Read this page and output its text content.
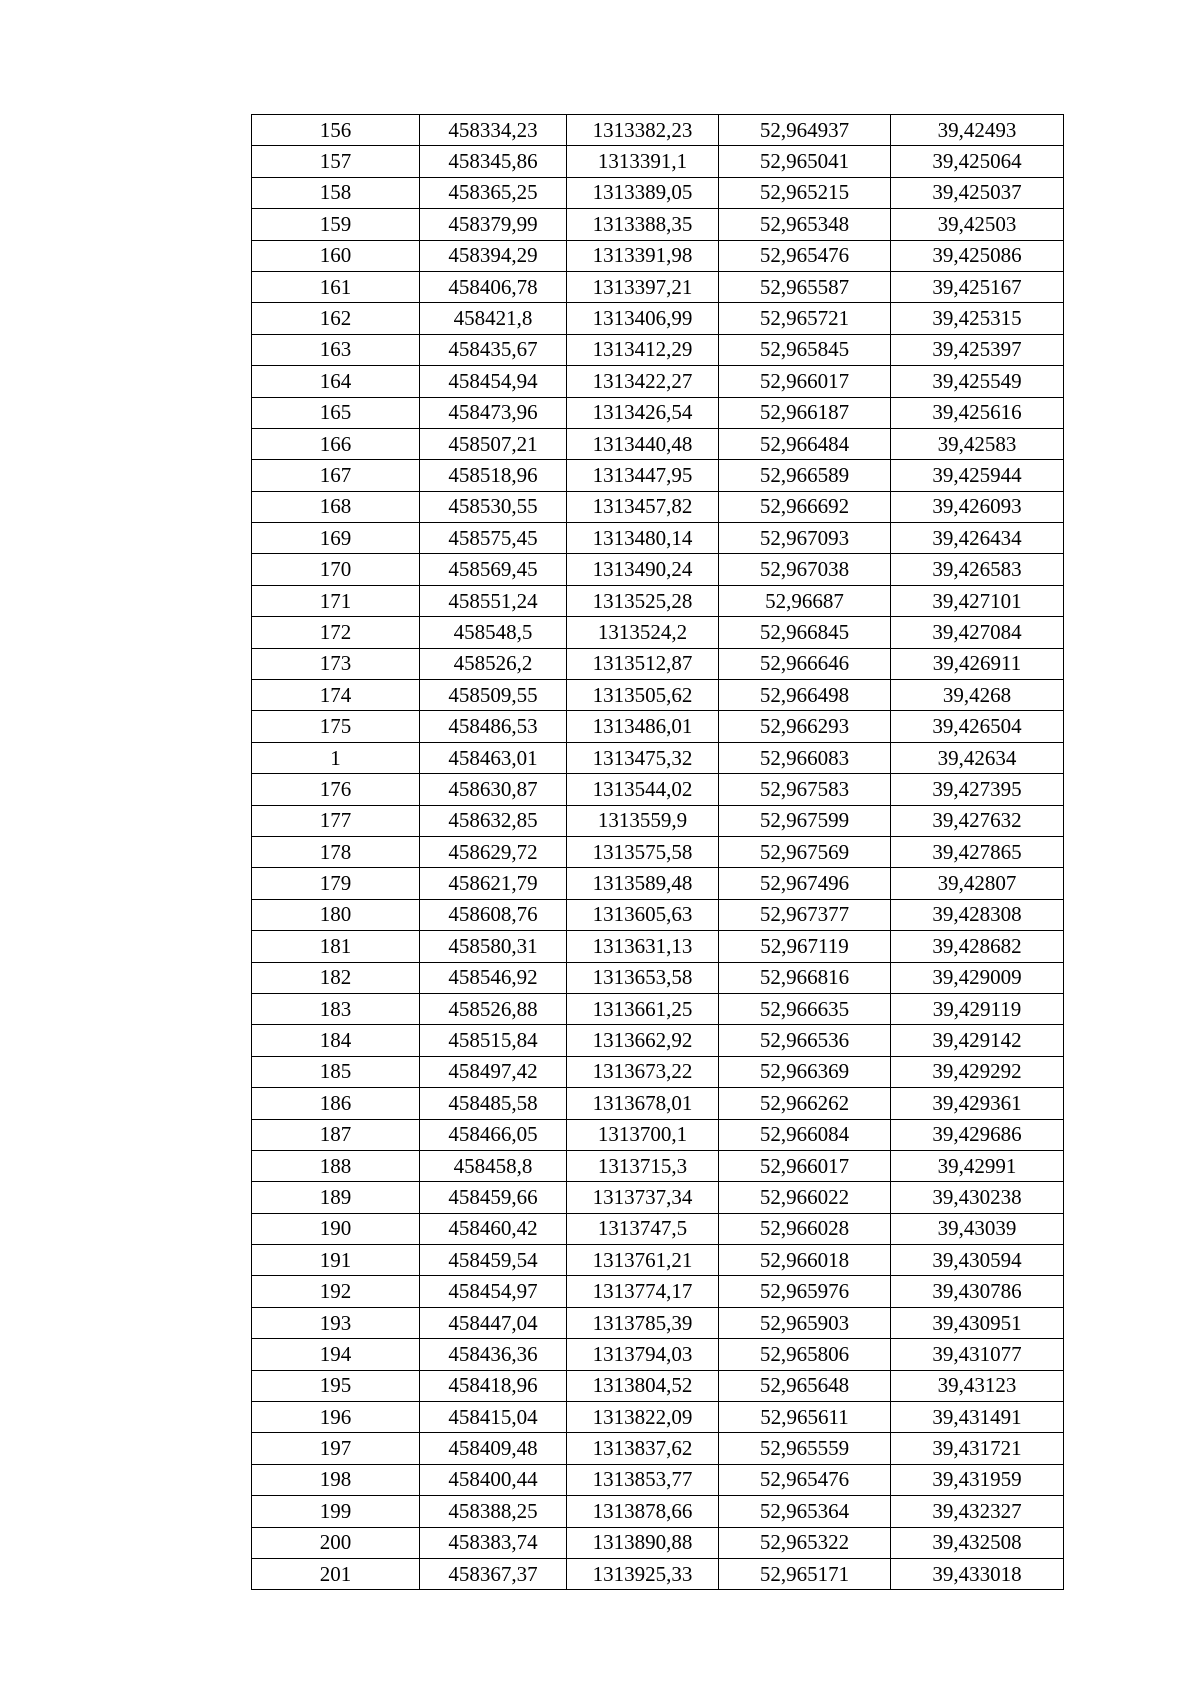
156	458334,23	1313382,23	52,964937	39,42493
157	458345,86	1313391,1	52,965041	39,425064
158	458365,25	1313389,05	52,965215	39,425037
159	458379,99	1313388,35	52,965348	39,42503
160	458394,29	1313391,98	52,965476	39,425086
161	458406,78	1313397,21	52,965587	39,425167
162	458421,8	1313406,99	52,965721	39,425315
163	458435,67	1313412,29	52,965845	39,425397
164	458454,94	1313422,27	52,966017	39,425549
165	458473,96	1313426,54	52,966187	39,425616
166	458507,21	1313440,48	52,966484	39,42583
167	458518,96	1313447,95	52,966589	39,425944
168	458530,55	1313457,82	52,966692	39,426093
169	458575,45	1313480,14	52,967093	39,426434
170	458569,45	1313490,24	52,967038	39,426583
171	458551,24	1313525,28	52,96687	39,427101
172	458548,5	1313524,2	52,966845	39,427084
173	458526,2	1313512,87	52,966646	39,426911
174	458509,55	1313505,62	52,966498	39,4268
175	458486,53	1313486,01	52,966293	39,426504
1	458463,01	1313475,32	52,966083	39,42634
176	458630,87	1313544,02	52,967583	39,427395
177	458632,85	1313559,9	52,967599	39,427632
178	458629,72	1313575,58	52,967569	39,427865
179	458621,79	1313589,48	52,967496	39,42807
180	458608,76	1313605,63	52,967377	39,428308
181	458580,31	1313631,13	52,967119	39,428682
182	458546,92	1313653,58	52,966816	39,429009
183	458526,88	1313661,25	52,966635	39,429119
184	458515,84	1313662,92	52,966536	39,429142
185	458497,42	1313673,22	52,966369	39,429292
186	458485,58	1313678,01	52,966262	39,429361
187	458466,05	1313700,1	52,966084	39,429686
188	458458,8	1313715,3	52,966017	39,42991
189	458459,66	1313737,34	52,966022	39,430238
190	458460,42	1313747,5	52,966028	39,43039
191	458459,54	1313761,21	52,966018	39,430594
192	458454,97	1313774,17	52,965976	39,430786
193	458447,04	1313785,39	52,965903	39,430951
194	458436,36	1313794,03	52,965806	39,431077
195	458418,96	1313804,52	52,965648	39,43123
196	458415,04	1313822,09	52,965611	39,431491
197	458409,48	1313837,62	52,965559	39,431721
198	458400,44	1313853,77	52,965476	39,431959
199	458388,25	1313878,66	52,965364	39,432327
200	458383,74	1313890,88	52,965322	39,432508
201	458367,37	1313925,33	52,965171	39,433018
